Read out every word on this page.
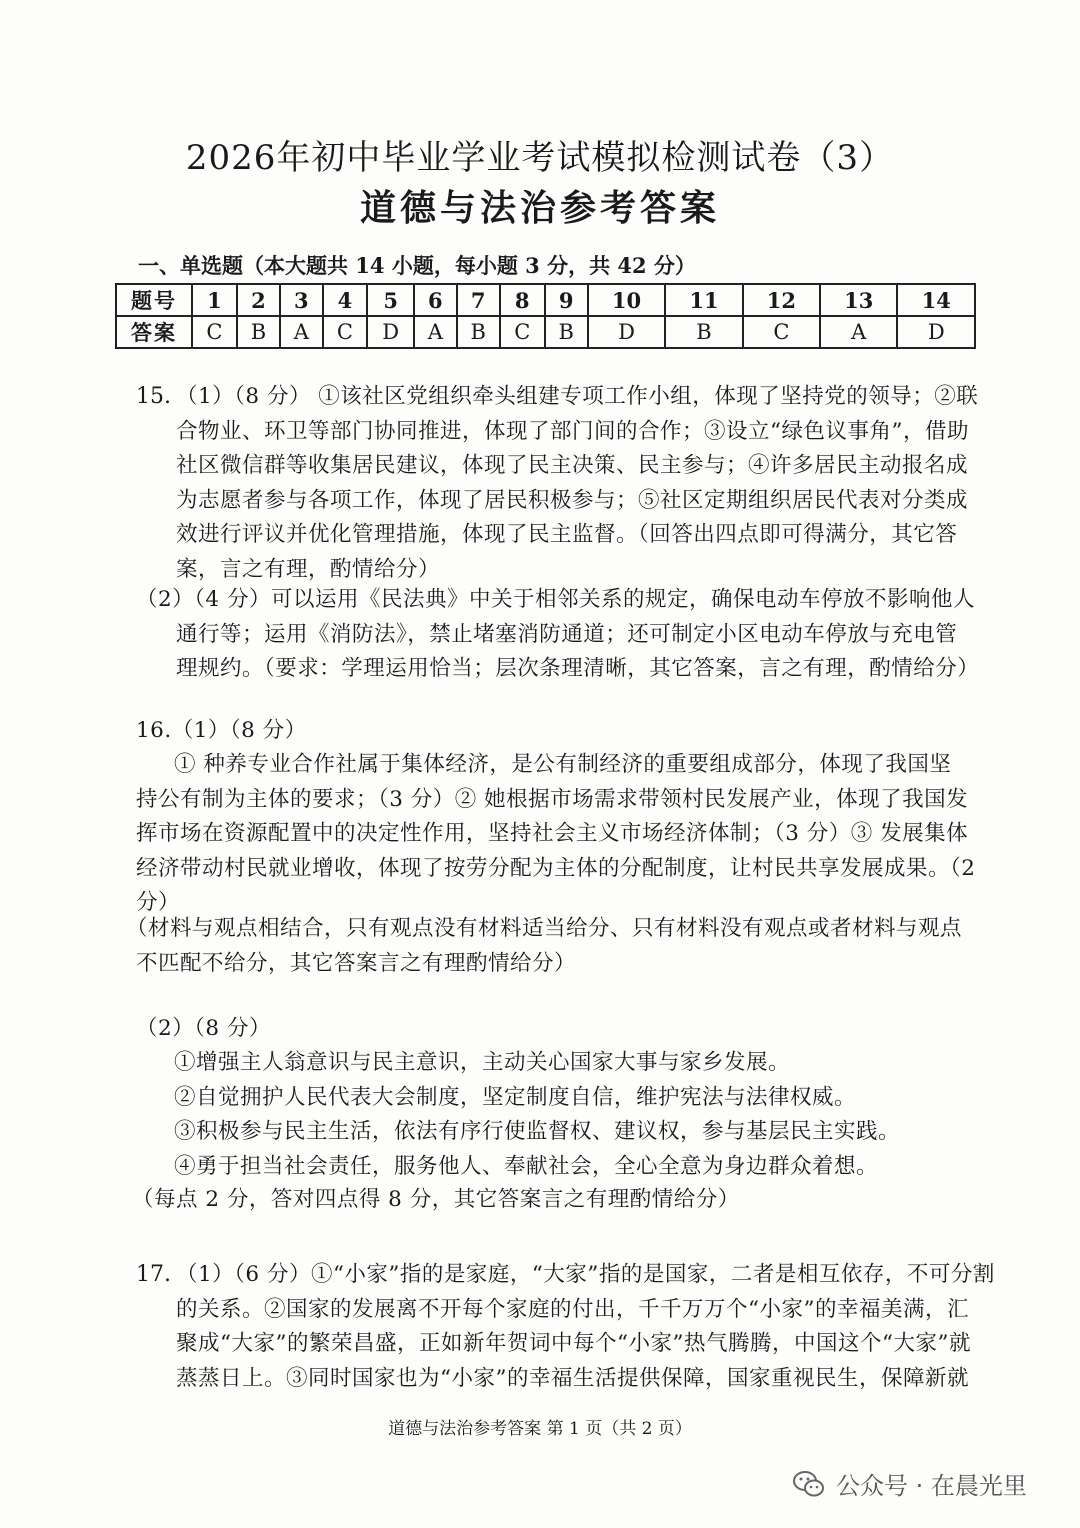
2026年初中毕业学业考试模拟检测试卷（3）
道德与法治参考答案
一、单选题（本大题共 14 小题，每小题 3 分，共 42 分）
题号	1	2	3	4	5	6	7	8	9	10	11	12	13	14
答案	C	B	A	C	D	A	B	C	B	D	B	C	A	D
15. （1）（8 分） ①该社区党组织牵头组建专项工作小组，体现了坚持党的领导；②联
合物业、环卫等部门协同推进，体现了部门间的合作；③设立“绿色议事角”，借助
社区微信群等收集居民建议，体现了民主决策、民主参与；④许多居民主动报名成
为志愿者参与各项工作，体现了居民积极参与；⑤社区定期组织居民代表对分类成
效进行评议并优化管理措施，体现了民主监督。（回答出四点即可得满分，其它答
案，言之有理，酌情给分）
（2）（4 分）可以运用《民法典》中关于相邻关系的规定，确保电动车停放不影响他人
通行等；运用《消防法》，禁止堵塞消防通道；还可制定小区电动车停放与充电管
理规约。（要求：学理运用恰当；层次条理清晰，其它答案，言之有理，酌情给分）
16.（1）（8 分）
① 种养专业合作社属于集体经济，是公有制经济的重要组成部分，体现了我国坚
持公有制为主体的要求；（3 分）② 她根据市场需求带领村民发展产业，体现了我国发
挥市场在资源配置中的决定性作用，坚持社会主义市场经济体制；（3 分）③ 发展集体
经济带动村民就业增收，体现了按劳分配为主体的分配制度，让村民共享发展成果。（2
分）
（材料与观点相结合，只有观点没有材料适当给分、只有材料没有观点或者材料与观点
不匹配不给分，其它答案言之有理酌情给分）
（2）（8 分）
①增强主人翁意识与民主意识，主动关心国家大事与家乡发展。
②自觉拥护人民代表大会制度，坚定制度自信，维护宪法与法律权威。
③积极参与民主生活，依法有序行使监督权、建议权，参与基层民主实践。
④勇于担当社会责任，服务他人、奉献社会，全心全意为身边群众着想。
（每点 2 分，答对四点得 8 分，其它答案言之有理酌情给分）
17. （1）（6 分）①“小家”指的是家庭，“大家”指的是国家，二者是相互依存，不可分割
的关系。②国家的发展离不开每个家庭的付出，千千万万个“小家”的幸福美满，汇
聚成“大家”的繁荣昌盛，正如新年贺词中每个“小家”热气腾腾，中国这个“大家”就
蒸蒸日上。③同时国家也为“小家”的幸福生活提供保障，国家重视民生，保障新就
道德与法治参考答案 第 1 页（共 2 页）
公众号 · 在晨光里
